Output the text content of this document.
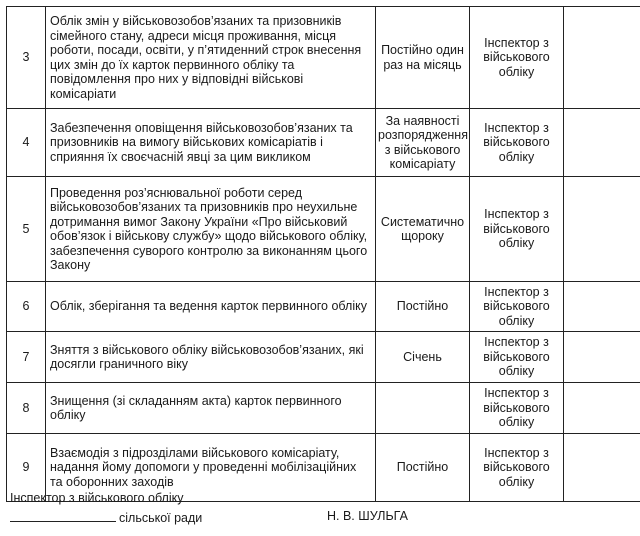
3	Облік змін у військовозобов’язаних та призовників сімейного стану, адреси місця проживання, місця роботи, посади, освіти, у п’ятиденний строк внесення цих змін до їх карток первинного обліку та повідомлення про них у відповідні військові комісаріати	Постійно один раз на місяць	Інспектор з військового обліку	
4	Забезпечення оповіщення військовозобов’язаних та призовників на вимогу військових комісаріатів і сприяння їх своєчасній явці за цим викликом	За наявності розпорядження з військового комісаріату	Інспектор з військового обліку	
5	Проведення роз’яснювальної роботи серед військовозобов’язаних та призовників про неухильне дотримання вимог Закону України «Про військовий обов’язок і військову службу» щодо військового обліку, забезпечення суворого контролю за виконанням цього Закону	Систематично щороку	Інспектор з військового обліку	
6	Облік, зберігання та ведення карток первинного обліку	Постійно	Інспектор з військового обліку	
7	Зняття з військового обліку військовозобов’язаних, які досягли граничного віку	Січень	Інспектор з військового обліку	
8	Знищення (зі складанням акта) карток первинного обліку		Інспектор з військового обліку	
9	Взаємодія з підрозділами військового комісаріату, надання йому допомоги у проведенні мобілізаційних та оборонних заходів	Постійно	Інспектор з військового обліку	
Інспектор з військового обліку
сільської ради	Н. В. ШУЛЬГА
